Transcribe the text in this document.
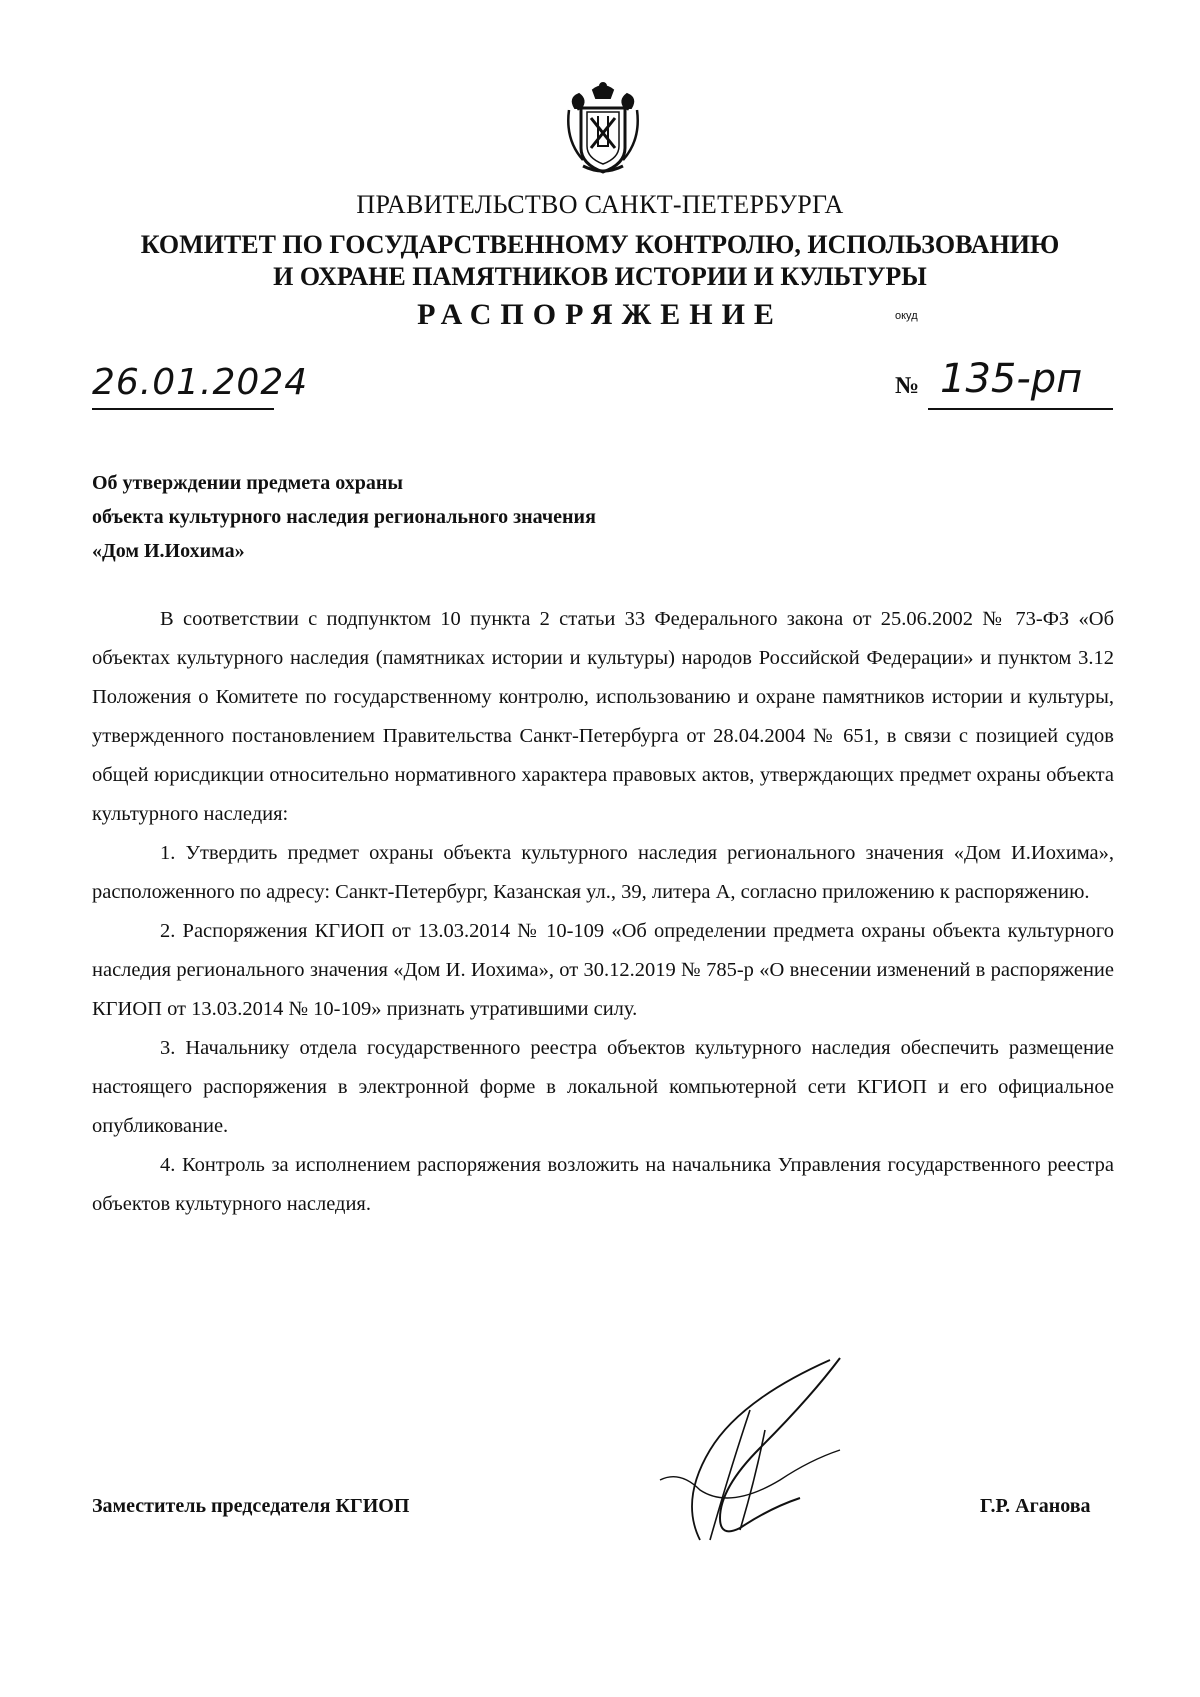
ПРАВИТЕЛЬСТВО САНКТ-ПЕТЕРБУРГА
КОМИТЕТ ПО ГОСУДАРСТВЕННОМУ КОНТРОЛЮ, ИСПОЛЬЗОВАНИЮ
И ОХРАНЕ ПАМЯТНИКОВ ИСТОРИИ И КУЛЬТУРЫ
РАСПОРЯЖЕНИЕ	окуд
26.01.2024	№ 135-рп
Об утверждении предмета охраны
объекта культурного наследия регионального значения
«Дом И.Иохима»

В соответствии с подпунктом 10 пункта 2 статьи 33 Федерального закона от 25.06.2002 № 73-ФЗ «Об объектах культурного наследия (памятниках истории и культуры) народов Российской Федерации» и пунктом 3.12 Положения о Комитете по государственному контролю, использованию и охране памятников истории и культуры, утвержденного постановлением Правительства Санкт-Петербурга от 28.04.2004 № 651, в связи с позицией судов общей юрисдикции относительно нормативного характера правовых актов, утверждающих предмет охраны объекта культурного наследия:

1. Утвердить предмет охраны объекта культурного наследия регионального значения «Дом И.Иохима», расположенного по адресу: Санкт-Петербург, Казанская ул., 39, литера А, согласно приложению к распоряжению.

2. Распоряжения КГИОП от 13.03.2014 № 10-109 «Об определении предмета охраны объекта культурного наследия регионального значения «Дом И. Иохима», от 30.12.2019 № 785-р «О внесении изменений в распоряжение КГИОП от 13.03.2014 № 10-109» признать утратившими силу.

3. Начальнику отдела государственного реестра объектов культурного наследия обеспечить размещение настоящего распоряжения в электронной форме в локальной компьютерной сети КГИОП и его официальное опубликование.

4. Контроль за исполнением распоряжения возложить на начальника Управления государственного реестра объектов культурного наследия.

Заместитель председателя КГИОП	Г.Р. Аганова
